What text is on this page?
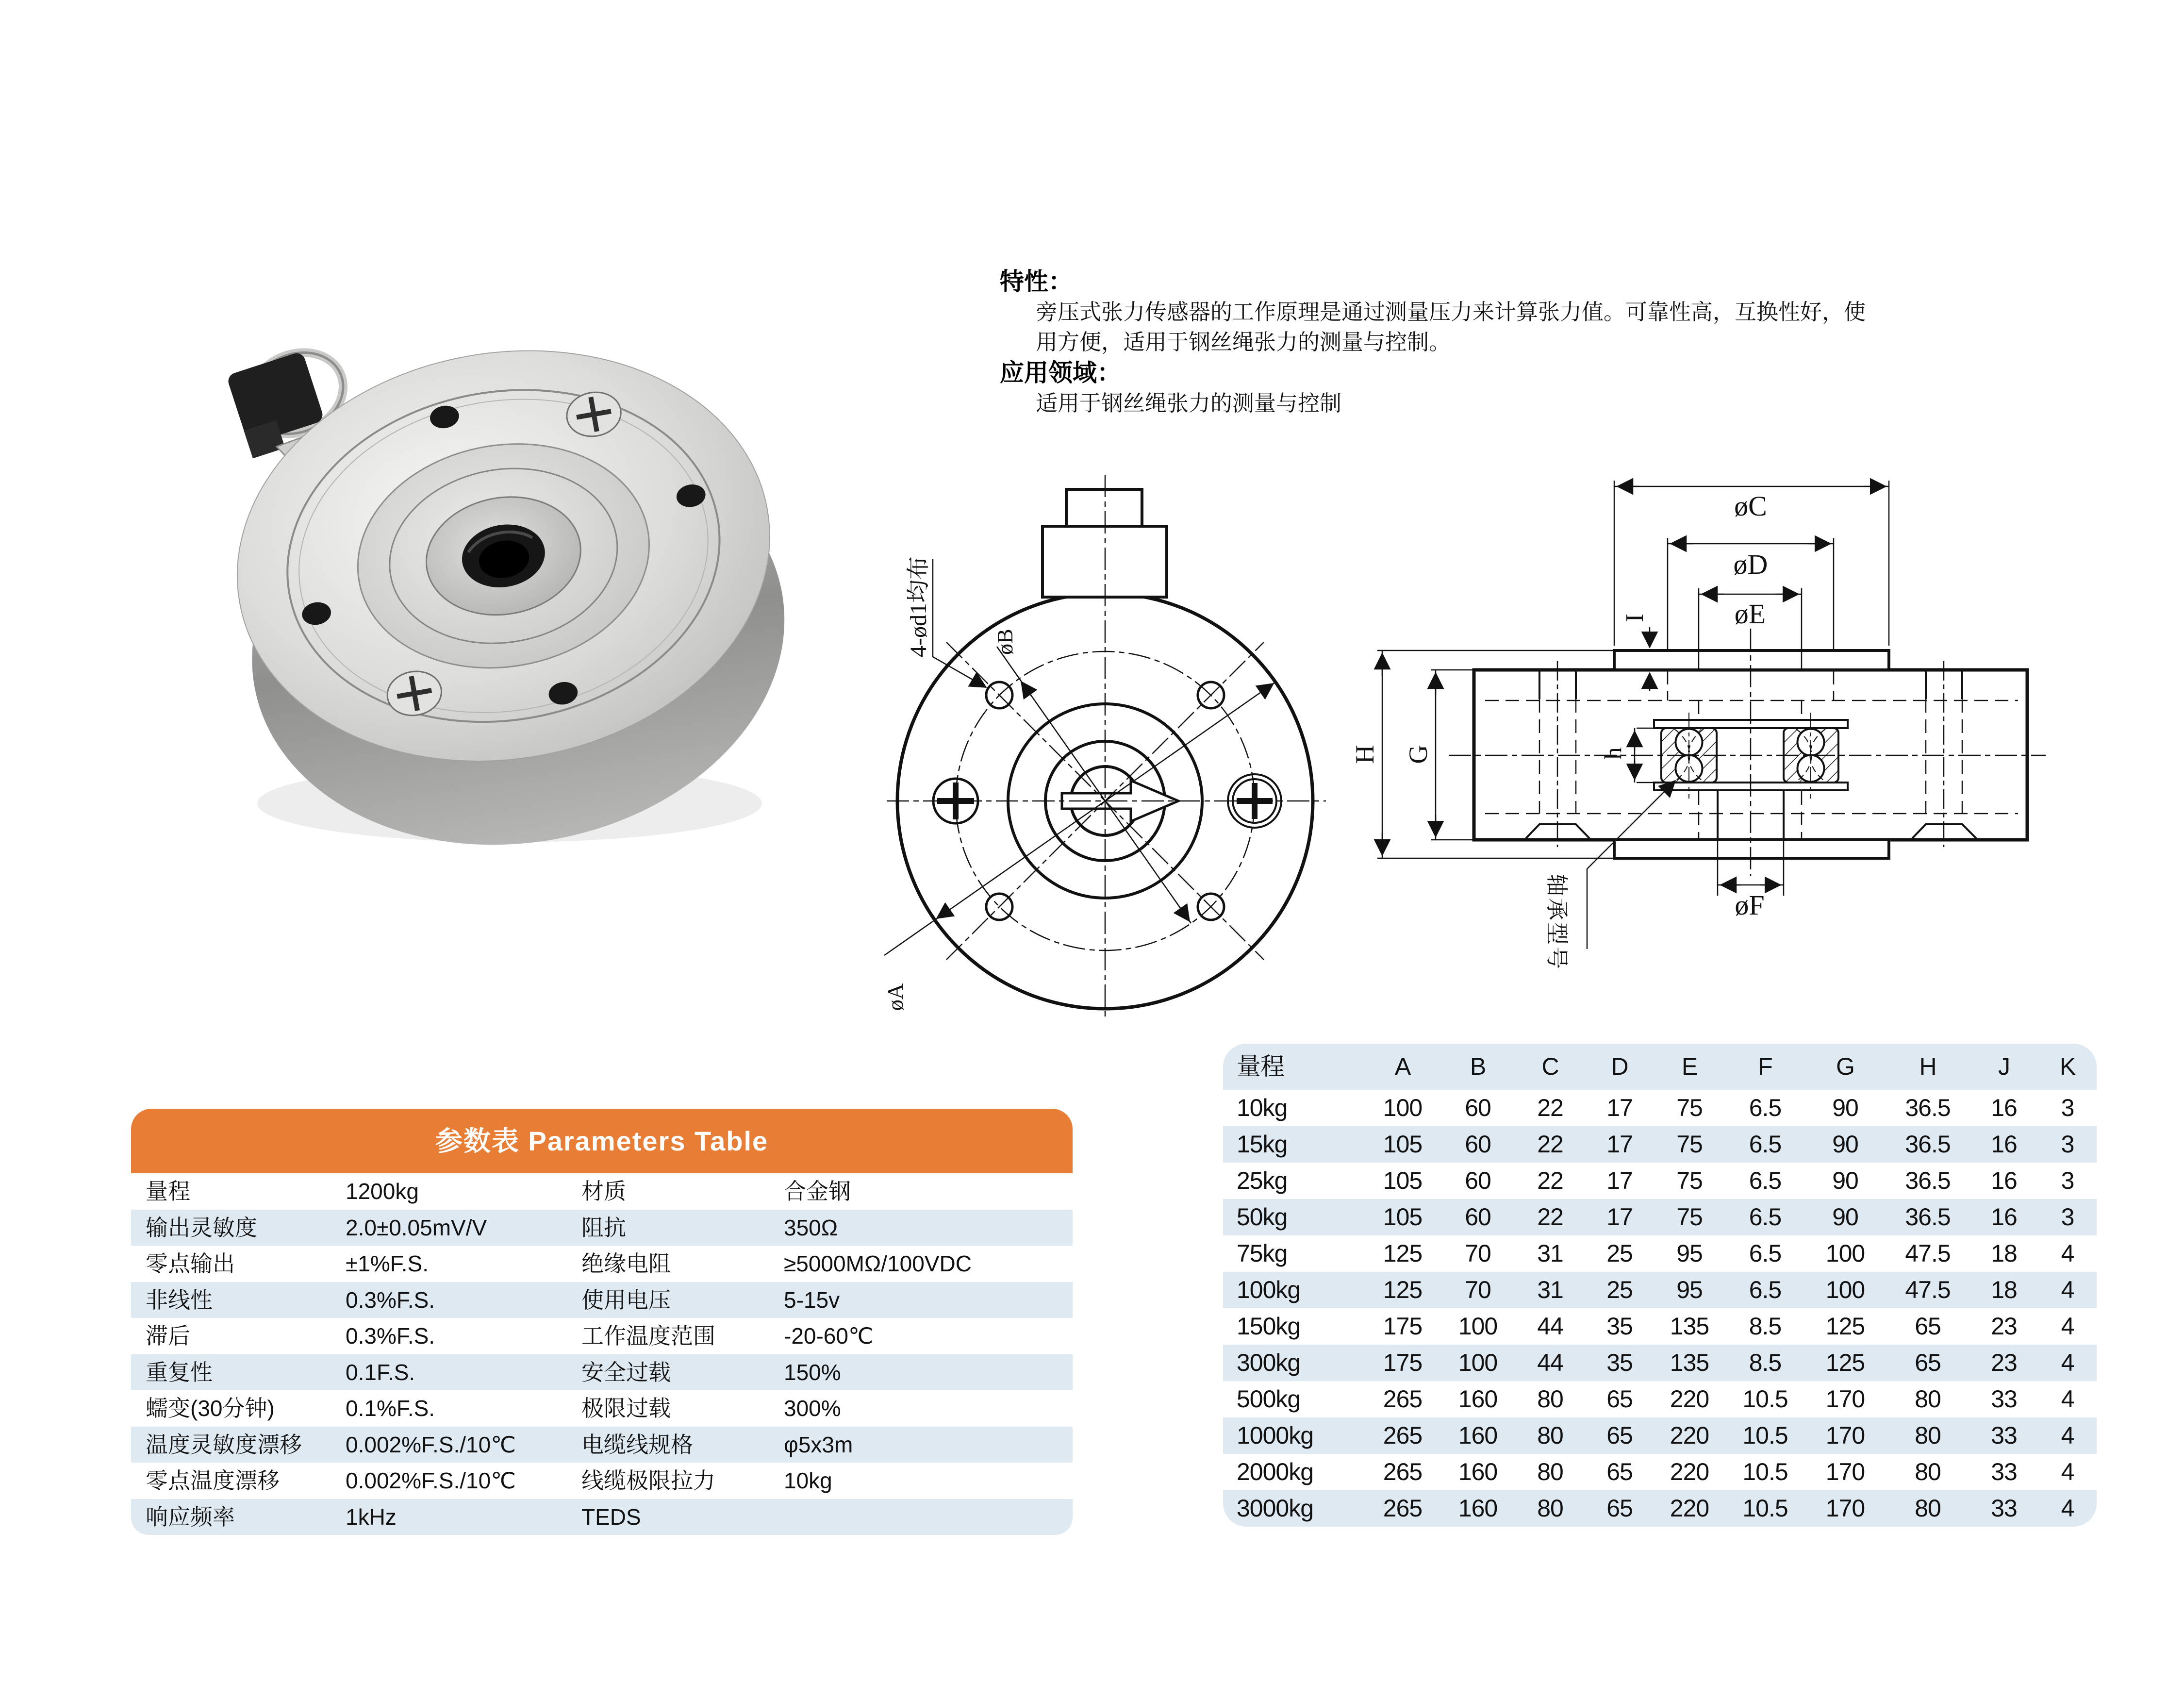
特性：
旁压式张力传感器的工作原理是通过测量压力来计算张力值。可靠性高，互换性好，使
用方便，适用于钢丝绳张力的测量与控制。
应用领域：
适用于钢丝绳张力的测量与控制
4-ød1均布	øB
øA
øC
øD
øE
øF
I
H G	h
轴承型号
参数表 Parameters Table
量程	1200kg	材质	合金钢
输出灵敏度	2.0±0.05mV/V	阻抗	350Ω
零点输出	±1%F.S.	绝缘电阻	≥5000MΩ/100VDC
非线性	0.3%F.S.	使用电压	5-15v
滞后	0.3%F.S.	工作温度范围	-20-60℃
重复性	0.1F.S.	安全过载	150%
蠕变(30分钟)	0.1%F.S.	极限过载	300%
温度灵敏度漂移	0.002%F.S./10℃	电缆线规格	φ5x3m
零点温度漂移	0.002%F.S./10℃	线缆极限拉力	10kg
响应频率	1kHz	TEDS
量程	A	B	C	D	E	F	G	H	J	K
10kg	100	60	22	17	75	6.5	90	36.5	16	3
15kg	105	60	22	17	75	6.5	90	36.5	16	3
25kg	105	60	22	17	75	6.5	90	36.5	16	3
50kg	105	60	22	17	75	6.5	90	36.5	16	3
75kg	125	70	31	25	95	6.5	100	47.5	18	4
100kg	125	70	31	25	95	6.5	100	47.5	18	4
150kg	175	100	44	35	135	8.5	125	65	23	4
300kg	175	100	44	35	135	8.5	125	65	23	4
500kg	265	160	80	65	220	10.5	170	80	33	4
1000kg	265	160	80	65	220	10.5	170	80	33	4
2000kg	265	160	80	65	220	10.5	170	80	33	4
3000kg	265	160	80	65	220	10.5	170	80	33	4
